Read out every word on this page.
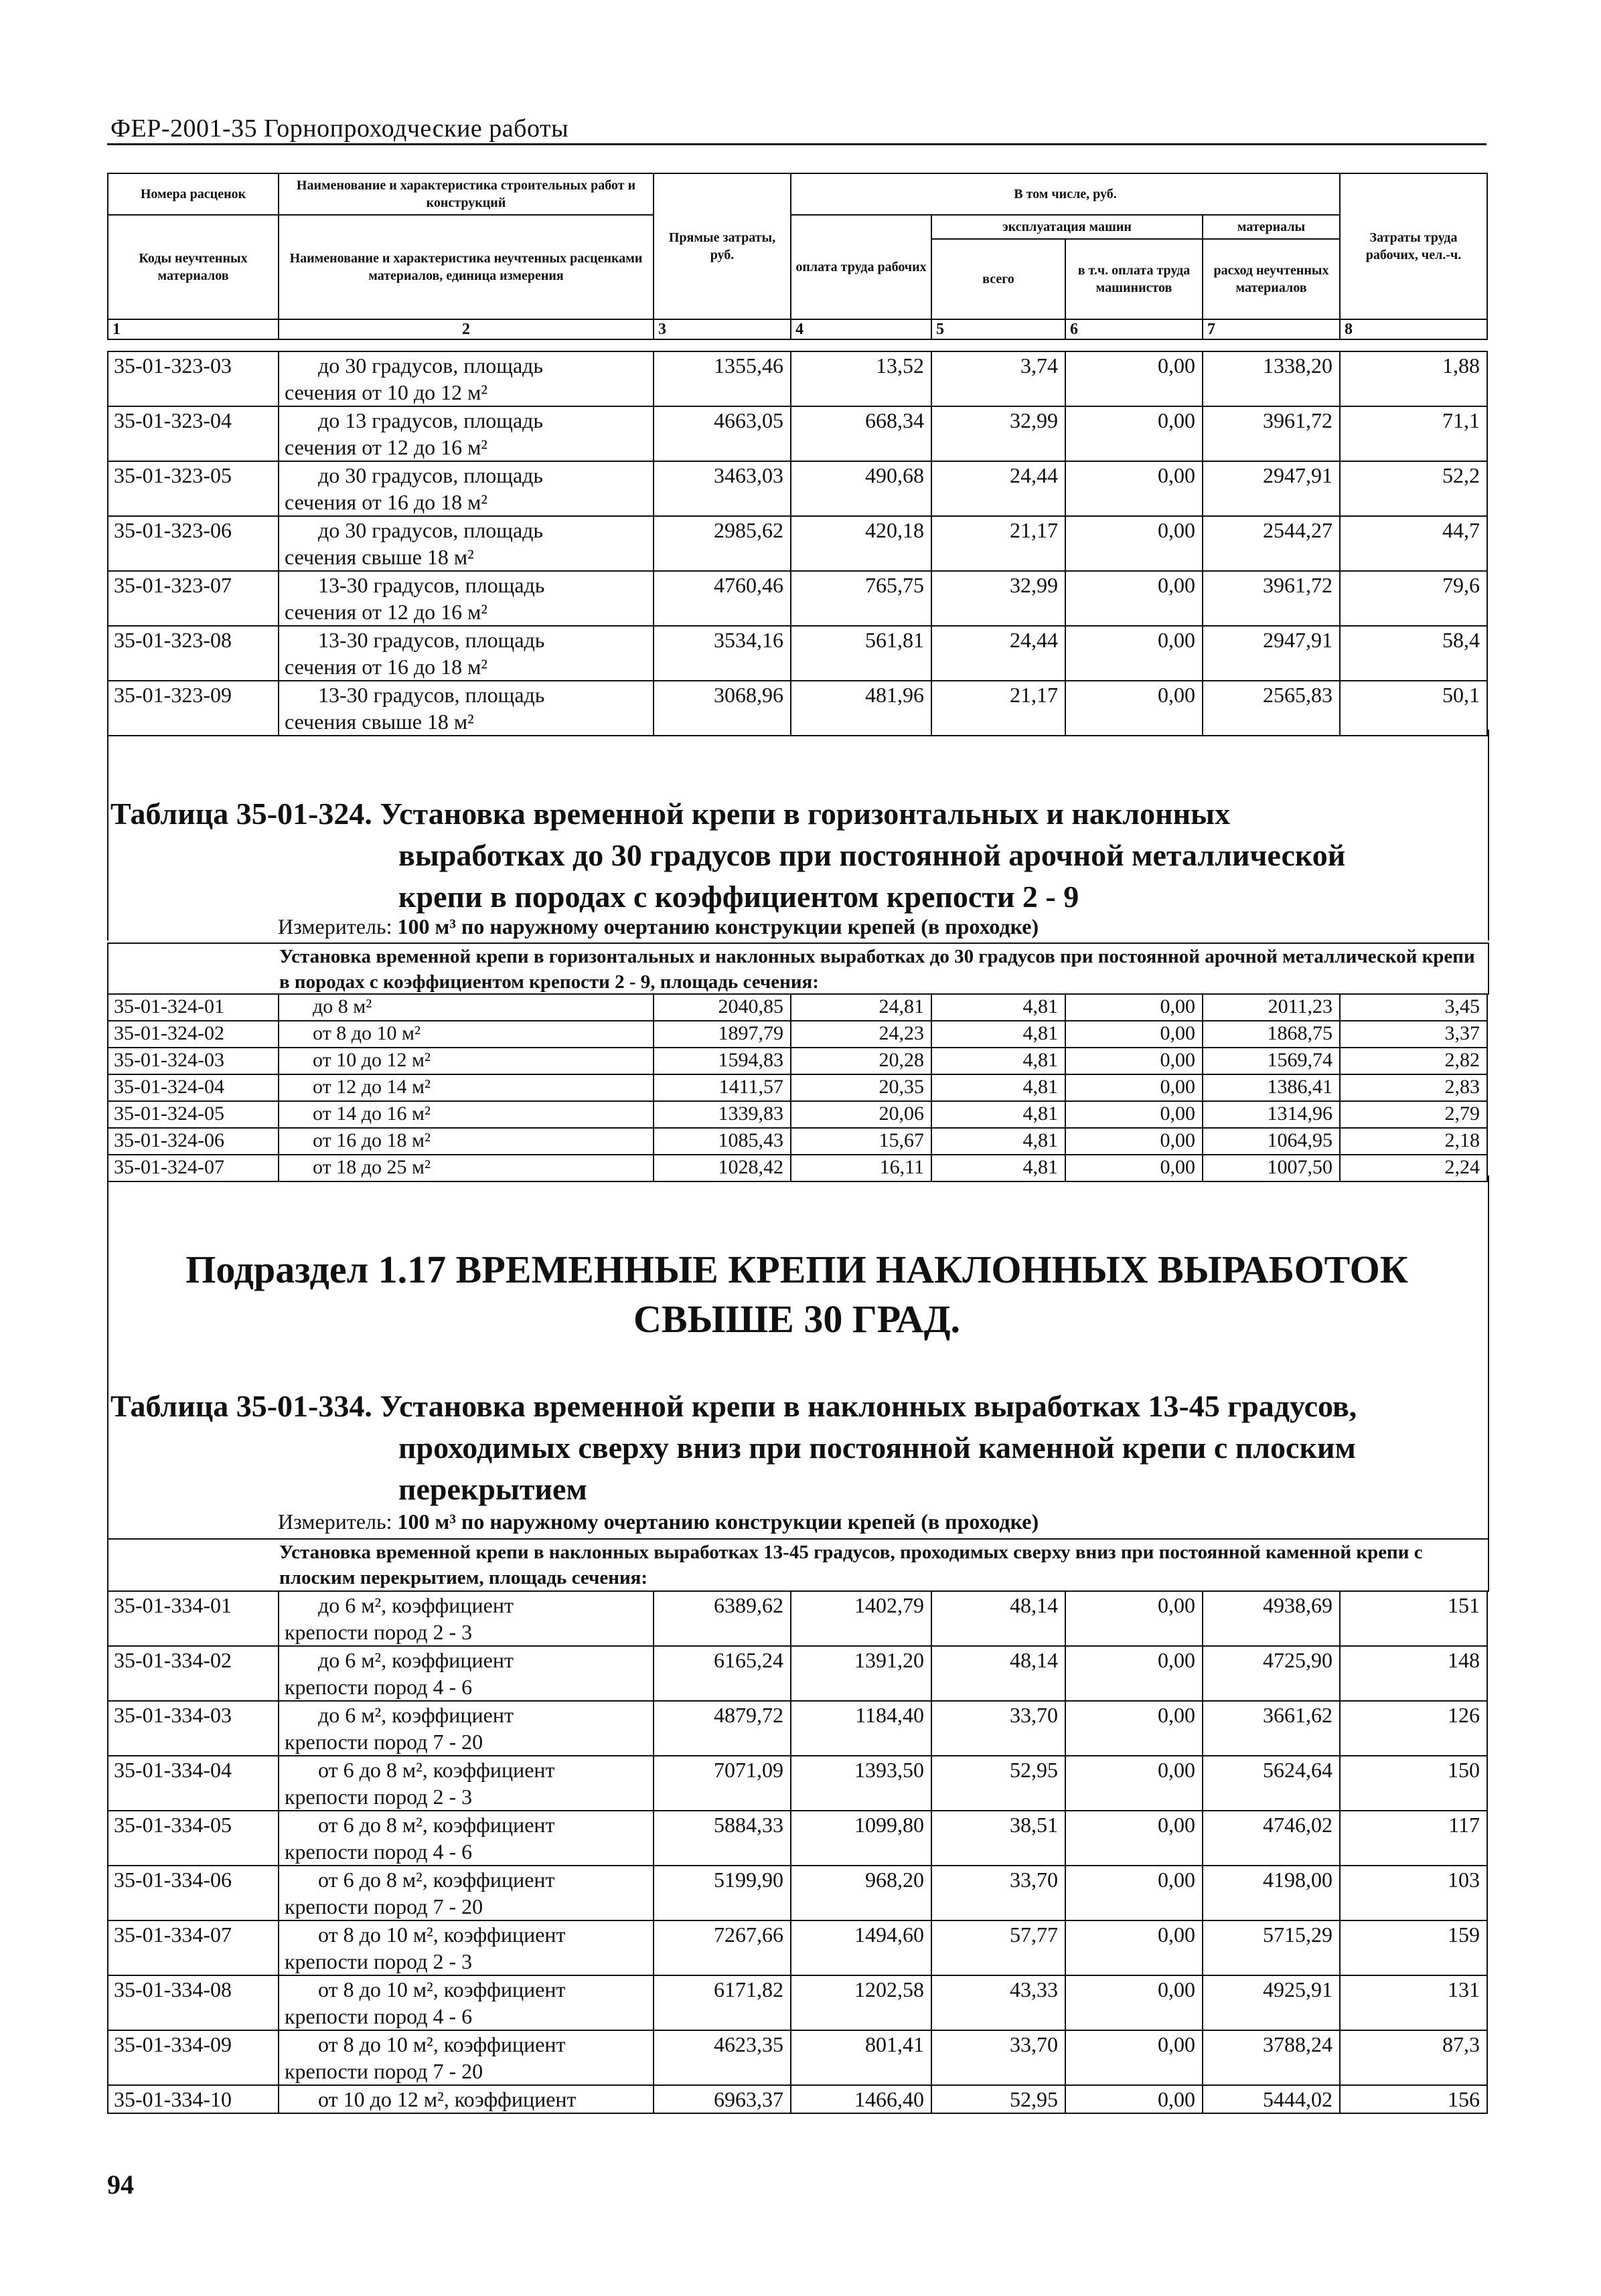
ФЕР-2001-35 Горнопроходческие работы
Номера расценок	Наименование и характеристика строительных работ и конструкций	Прямые затраты, руб.	В том числе, руб.				Затраты труда рабочих, чел.-ч.
Коды неучтенных материалов	Наименование и характеристика неучтенных расценками материалов, единица измерения		оплата труда рабочих	эксплуатация машин		материалы	
				всего	в т.ч. оплата труда машинистов	расход неучтенных материалов	
1	2	3	4	5	6	7	8
35-01-323-03	до 30 градусов, площадь
сечения от 10 до 12 м²	1355,46	13,52	3,74	0,00	1338,20	1,88
35-01-323-04	до 13 градусов, площадь
сечения от 12 до 16 м²	4663,05	668,34	32,99	0,00	3961,72	71,1
35-01-323-05	до 30 градусов, площадь
сечения от 16 до 18 м²	3463,03	490,68	24,44	0,00	2947,91	52,2
35-01-323-06	до 30 градусов, площадь
сечения свыше 18 м²	2985,62	420,18	21,17	0,00	2544,27	44,7
35-01-323-07	13-30 градусов, площадь
сечения от 12 до 16 м²	4760,46	765,75	32,99	0,00	3961,72	79,6
35-01-323-08	13-30 градусов, площадь
сечения от 16 до 18 м²	3534,16	561,81	24,44	0,00	2947,91	58,4
35-01-323-09	13-30 градусов, площадь
сечения свыше 18 м²	3068,96	481,96	21,17	0,00	2565,83	50,1
Таблица 35-01-324. Установка временной крепи в горизонтальных и наклонных
выработках до 30 градусов при постоянной арочной металлической
крепи в породах с коэффициентом крепости 2 - 9
Измеритель: 100 м³ по наружному очертанию конструкции крепей (в проходке)
Установка временной крепи в горизонтальных и наклонных выработках до 30 градусов при постоянной арочной металлической крепи в породах с коэффициентом крепости 2 - 9, площадь сечения:
35-01-324-01	до 8 м²	2040,85	24,81	4,81	0,00	2011,23	3,45
35-01-324-02	от 8 до 10 м²	1897,79	24,23	4,81	0,00	1868,75	3,37
35-01-324-03	от 10 до 12 м²	1594,83	20,28	4,81	0,00	1569,74	2,82
35-01-324-04	от 12 до 14 м²	1411,57	20,35	4,81	0,00	1386,41	2,83
35-01-324-05	от 14 до 16 м²	1339,83	20,06	4,81	0,00	1314,96	2,79
35-01-324-06	от 16 до 18 м²	1085,43	15,67	4,81	0,00	1064,95	2,18
35-01-324-07	от 18 до 25 м²	1028,42	16,11	4,81	0,00	1007,50	2,24
Подраздел 1.17 ВРЕМЕННЫЕ КРЕПИ НАКЛОННЫХ ВЫРАБОТОК
СВЫШЕ 30 ГРАД.
Таблица 35-01-334. Установка временной крепи в наклонных выработках 13-45 градусов,
проходимых сверху вниз при постоянной каменной крепи с плоским
перекрытием
Измеритель: 100 м³ по наружному очертанию конструкции крепей (в проходке)
Установка временной крепи в наклонных выработках 13-45 градусов, проходимых сверху вниз при постоянной каменной крепи с плоским перекрытием, площадь сечения:
35-01-334-01	до 6 м², коэффициент
крепости пород 2 - 3	6389,62	1402,79	48,14	0,00	4938,69	151
35-01-334-02	до 6 м², коэффициент
крепости пород 4 - 6	6165,24	1391,20	48,14	0,00	4725,90	148
35-01-334-03	до 6 м², коэффициент
крепости пород 7 - 20	4879,72	1184,40	33,70	0,00	3661,62	126
35-01-334-04	от 6 до 8 м², коэффициент
крепости пород 2 - 3	7071,09	1393,50	52,95	0,00	5624,64	150
35-01-334-05	от 6 до 8 м², коэффициент
крепости пород 4 - 6	5884,33	1099,80	38,51	0,00	4746,02	117
35-01-334-06	от 6 до 8 м², коэффициент
крепости пород 7 - 20	5199,90	968,20	33,70	0,00	4198,00	103
35-01-334-07	от 8 до 10 м², коэффициент
крепости пород 2 - 3	7267,66	1494,60	57,77	0,00	5715,29	159
35-01-334-08	от 8 до 10 м², коэффициент
крепости пород 4 - 6	6171,82	1202,58	43,33	0,00	4925,91	131
35-01-334-09	от 8 до 10 м², коэффициент
крепости пород 7 - 20	4623,35	801,41	33,70	0,00	3788,24	87,3
35-01-334-10	от 10 до 12 м², коэффициент	6963,37	1466,40	52,95	0,00	5444,02	156
94
